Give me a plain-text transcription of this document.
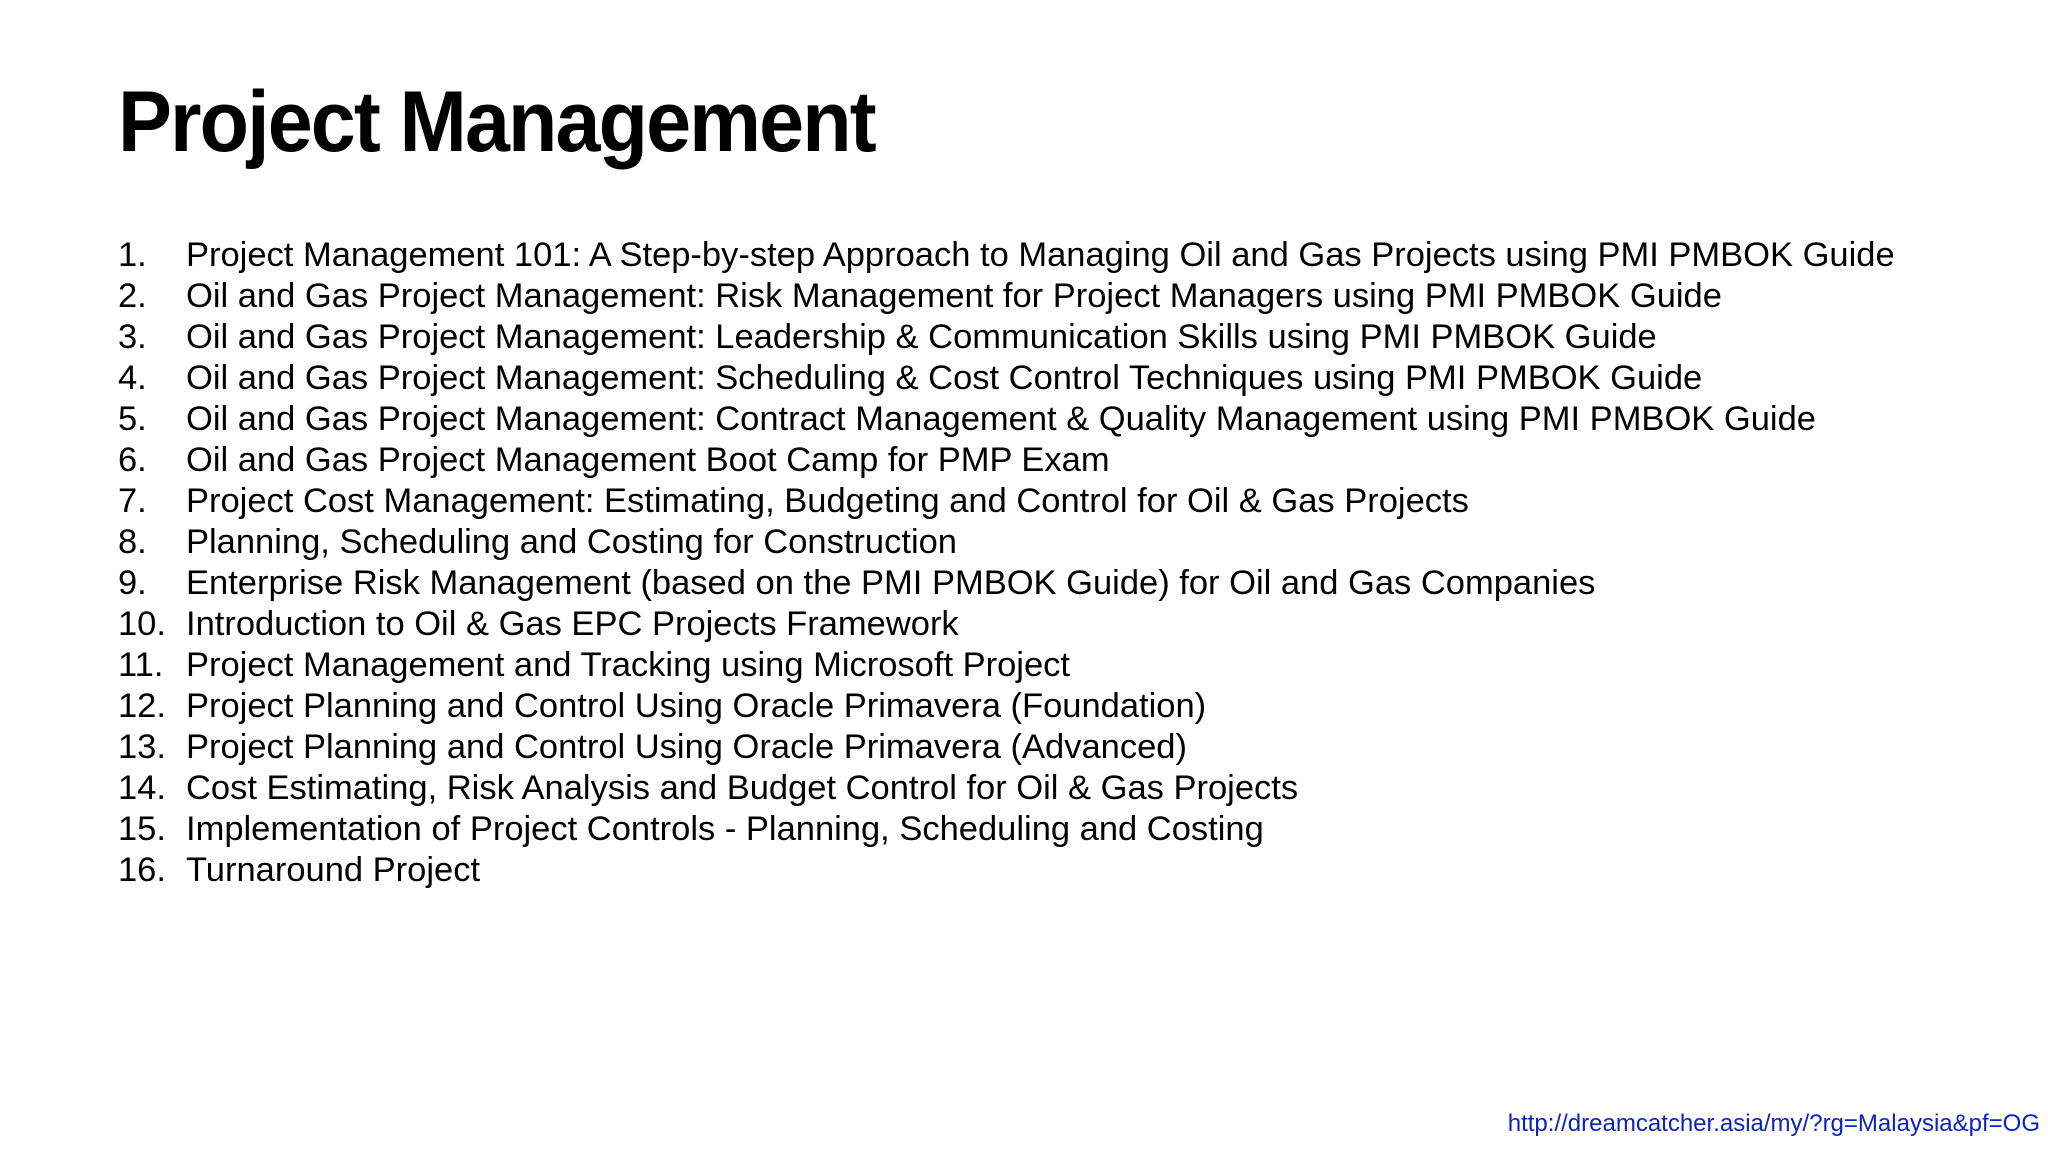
Project Management
1.	Project Management 101: A Step-by-step Approach to Managing Oil and Gas Projects using PMI PMBOK Guide
2.	Oil and Gas Project Management: Risk Management for Project Managers using PMI PMBOK Guide
3.	Oil and Gas Project Management: Leadership & Communication Skills using PMI PMBOK Guide
4.	Oil and Gas Project Management: Scheduling & Cost Control Techniques using PMI PMBOK Guide
5.	Oil and Gas Project Management: Contract Management & Quality Management using PMI PMBOK Guide
6.	Oil and Gas Project Management Boot Camp for PMP Exam
7.	Project Cost Management: Estimating, Budgeting and Control for Oil & Gas Projects
8.	Planning, Scheduling and Costing for Construction
9.	Enterprise Risk Management (based on the PMI PMBOK Guide) for Oil and Gas Companies
10. Introduction to Oil & Gas EPC Projects Framework
11. Project Management and Tracking using Microsoft Project
12. Project Planning and Control Using Oracle Primavera (Foundation)
13. Project Planning and Control Using Oracle Primavera (Advanced)
14. Cost Estimating, Risk Analysis and Budget Control for Oil & Gas Projects
15. Implementation of Project Controls - Planning, Scheduling and Costing
16. Turnaround Project
http://dreamcatcher.asia/my/?rg=Malaysia&pf=OG
